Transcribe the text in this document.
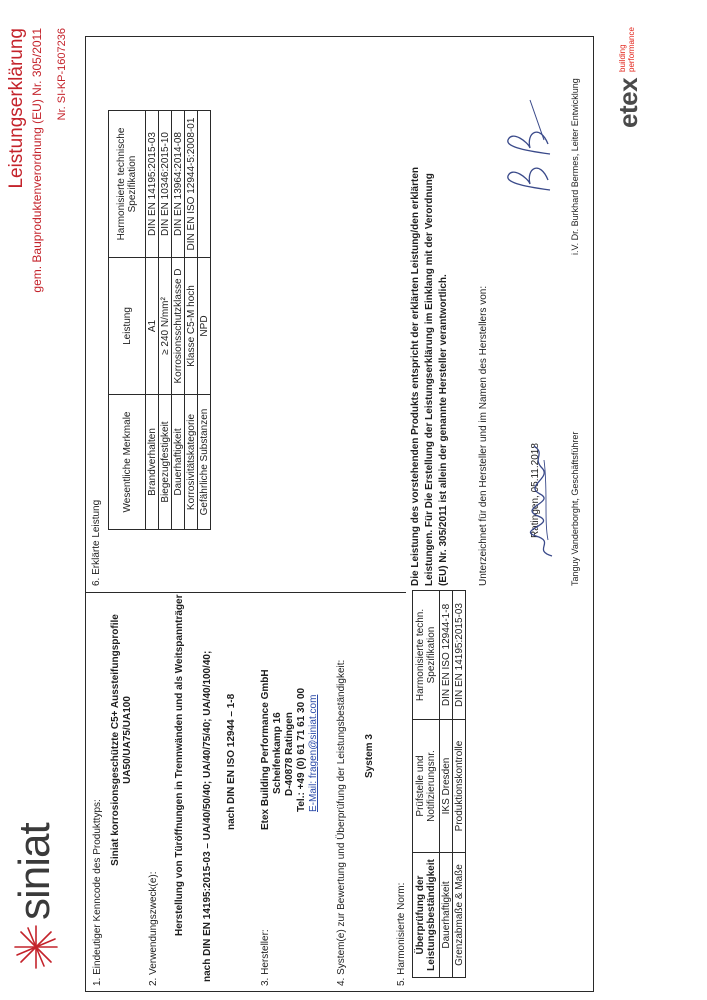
siniat
Leistungserklärung gem. Bauproduktenverordnung (EU) Nr. 305/2011 Nr. SI-KP-1607236
1. Eindeutiger Kenncode des Produkttyps:
Siniat korrosionsgeschützte C5+ Aussteifungsprofile UA50/UA75/UA100
2. Verwendungszweck(e): Herstellung von Türöffnungen in Trennwänden und als Weitspannträger nach DIN EN 14195:2015-03 – UA/40/50/40; UA/40/75/40; UA/40/100/40; nach DIN EN ISO 12944 – 1-8
3. Hersteller:
Etex Building Performance GmbH Scheifenkamp 16 D-40878 Ratingen Tel.: +49 (0) 61 71 61 30 00 E-Mail: fragen@siniat.com 4. System(e) zur Bewertung und Überprüfung der Leistungsbeständigkeit: System 3
5. Harmonisierte Norm: Überprüfung der Leistungsbeständigkeit	Prüfstelle und Notifizierungsnr.	Harmonisierte techn. Spezifikation
Dauerhaftigkeit	IKS Dresden	DIN EN ISO 12944-1-8
Grenzabmaße & Maße	Produktionskontrolle	DIN EN 14195:2015-03
6. Erklärte Leistung
Wesentliche Merkmale	Leistung	Harmonisierte technische Spezifikation
Brandverhalten	A1	DIN EN 14195:2015-03
Biegezugfestigkeit	≥ 240 N/mm²	DIN EN 10346:2015-10
Dauerhaftigkeit	Korrosionsschutzklasse D	DIN EN 13964:2014-08
Korrosivitätskategorie	Klasse C5-M hoch	DIN EN ISO 12944-5:2008-01
Gefährliche Substanzen	NPD		Die Leistung des vorstehenden Produkts entspricht der erklärten Leistung/den erklärten Leistungen. Für Die Erstellung der Leistungserklärung im Einklang mit der Verordnung (EU) Nr. 305/2011 ist allein der genannte Hersteller verantwortlich.	Unterzeichnet für den Hersteller und im Namen des Herstellers von:	Ratingen, 05.11.2018	Tanguy Vanderborght, Geschäftsführer
i.V. Dr. Burkhard Bermes, Leiter Entwicklung etex
building performance
